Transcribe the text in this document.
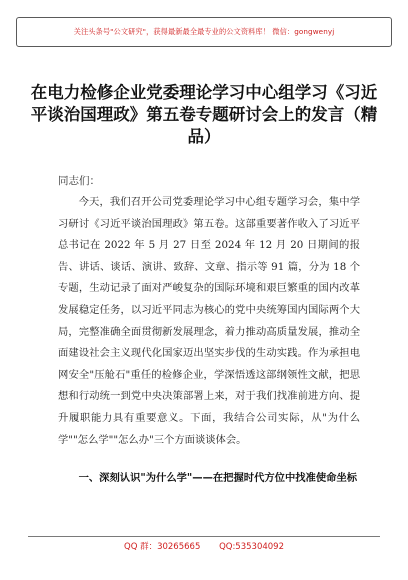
关注头条号"公文研究"，获得最新最全最专业的公文资料库！ 微信：gongwenyj
在电力检修企业党委理论学习中心组学习《习近平谈治国理政》第五卷专题研讨会上的发言（精品）
同志们：
今天，我们召开公司党委理论学习中心组专题学习会，集中学习研讨《习近平谈治国理政》第五卷。这部重要著作收入了习近平总书记在 2022 年 5 月 27 日至 2024 年 12 月 20 日期间的报告、讲话、谈话、演讲、致辞、文章、指示等 91 篇，分为 18 个专题，生动记录了面对严峻复杂的国际环境和艰巨繁重的国内改革发展稳定任务，以习近平同志为核心的党中央统筹国内国际两个大局，完整准确全面贯彻新发展理念，着力推动高质量发展，推动全面建设社会主义现代化国家迈出坚实步伐的生动实践。作为承担电网安全"压舱石"重任的检修企业，学深悟透这部纲领性文献，把思想和行动统一到党中央决策部署上来，对于我们找准前进方向、提升履职能力具有重要意义。下面，我结合公司实际，从"为什么学""怎么学""怎么办"三个方面谈谈体会。
一、深刻认识"为什么学"——在把握时代方位中找准使命坐标
QQ 群：30265665 QQ:535304092
